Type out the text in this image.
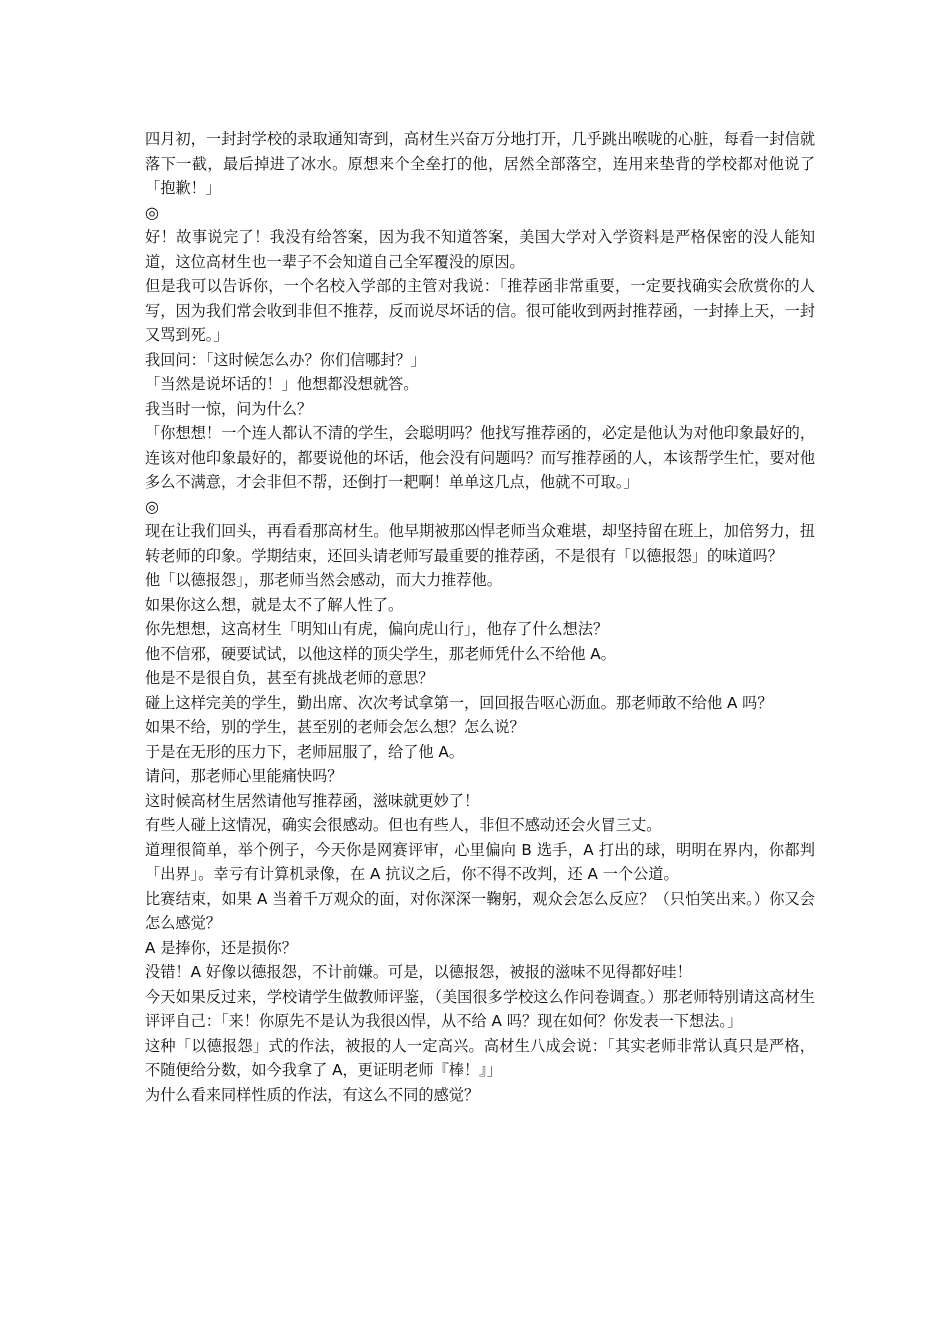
四月初，一封封学校的录取通知寄到，高材生兴奋万分地打开，几乎跳出喉咙的心脏，每看一封信就落下一截，最后掉进了冰水。原想来个全垒打的他，居然全部落空，连用来垫背的学校都对他说了「抱歉！」

◎

好！故事说完了！我没有给答案，因为我不知道答案，美国大学对入学资料是严格保密的没人能知道，这位高材生也一辈子不会知道自己全军覆没的原因。

但是我可以告诉你，一个名校入学部的主管对我说：「推荐函非常重要，一定要找确实会欣赏你的人写，因为我们常会收到非但不推荐，反而说尽坏话的信。很可能收到两封推荐函，一封捧上天，一封又骂到死。」

我回问：「这时候怎么办？你们信哪封？」

「当然是说坏话的！」他想都没想就答。

我当时一惊，问为什么？

「你想想！一个连人都认不清的学生，会聪明吗？他找写推荐函的，必定是他认为对他印象最好的，连该对他印象最好的，都要说他的坏话，他会没有问题吗？而写推荐函的人，本该帮学生忙，要对他多么不满意，才会非但不帮，还倒打一耙啊！单单这几点，他就不可取。」

◎

现在让我们回头，再看看那高材生。他早期被那凶悍老师当众难堪，却坚持留在班上，加倍努力，扭转老师的印象。学期结束，还回头请老师写最重要的推荐函，不是很有「以德报怨」的味道吗？

他「以德报怨」，那老师当然会感动，而大力推荐他。

如果你这么想，就是太不了解人性了。

你先想想，这高材生「明知山有虎，偏向虎山行」，他存了什么想法？

他不信邪，硬要试试，以他这样的顶尖学生，那老师凭什么不给他 A。

他是不是很自负，甚至有挑战老师的意思？

碰上这样完美的学生，勤出席、次次考试拿第一，回回报告呕心沥血。那老师敢不给他 A 吗？

如果不给，别的学生，甚至别的老师会怎么想？怎么说？

于是在无形的压力下，老师屈服了，给了他 A。

请问，那老师心里能痛快吗？

这时候高材生居然请他写推荐函，滋味就更妙了！

有些人碰上这情况，确实会很感动。但也有些人，非但不感动还会火冒三丈。

道理很简单，举个例子，今天你是网赛评审，心里偏向 B 选手，A 打出的球，明明在界内，你都判「出界」。幸亏有计算机录像，在 A 抗议之后，你不得不改判，还 A 一个公道。

比赛结束，如果 A 当着千万观众的面，对你深深一鞠躬，观众会怎么反应？（只怕笑出来。）你又会怎么感觉？

A 是捧你，还是损你？

没错！A 好像以德报怨，不计前嫌。可是，以德报怨，被报的滋味不见得都好哇！

今天如果反过来，学校请学生做教师评鉴，（美国很多学校这么作问卷调查。）那老师特别请这高材生评评自己：「来！你原先不是认为我很凶悍，从不给 A 吗？现在如何？你发表一下想法。」

这种「以德报怨」式的作法，被报的人一定高兴。高材生八成会说：「其实老师非常认真只是严格，不随便给分数，如今我拿了 A，更证明老师『棒！』」

为什么看来同样性质的作法，有这么不同的感觉？
